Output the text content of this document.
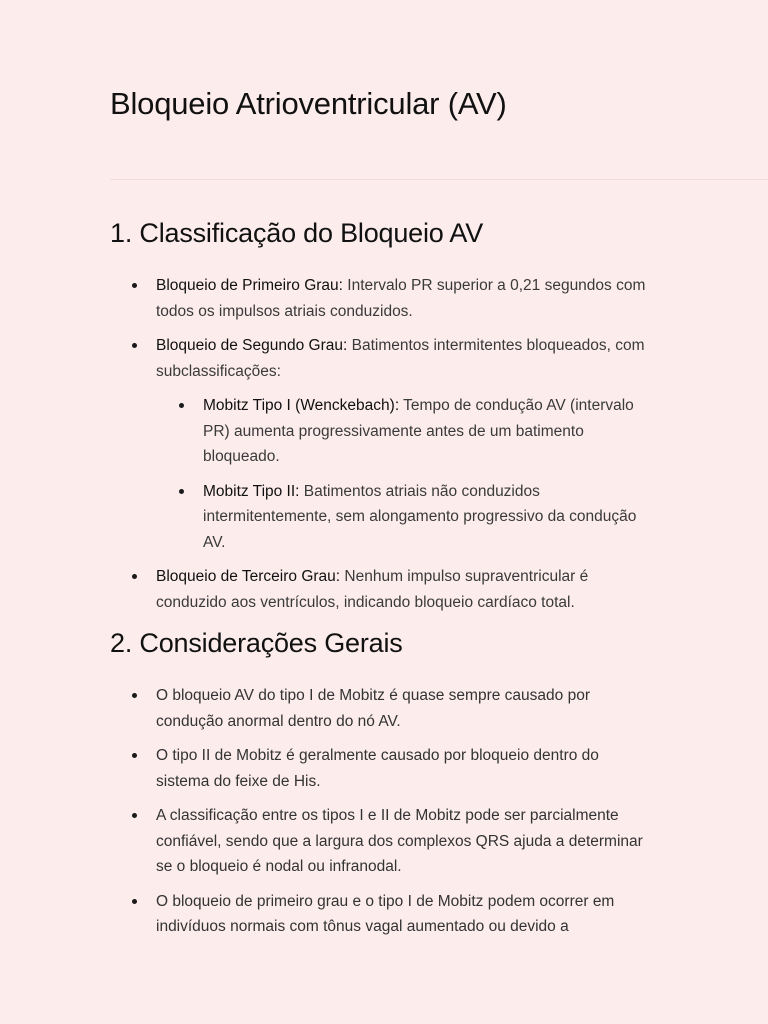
Bloqueio Atrioventricular (AV)
1. Classificação do Bloqueio AV
Bloqueio de Primeiro Grau: Intervalo PR superior a 0,21 segundos com todos os impulsos atriais conduzidos.
Bloqueio de Segundo Grau: Batimentos intermitentes bloqueados, com subclassificações:
Mobitz Tipo I (Wenckebach): Tempo de condução AV (intervalo PR) aumenta progressivamente antes de um batimento bloqueado.
Mobitz Tipo II: Batimentos atriais não conduzidos intermitentemente, sem alongamento progressivo da condução AV.
Bloqueio de Terceiro Grau: Nenhum impulso supraventricular é conduzido aos ventrículos, indicando bloqueio cardíaco total.
2. Considerações Gerais
O bloqueio AV do tipo I de Mobitz é quase sempre causado por condução anormal dentro do nó AV.
O tipo II de Mobitz é geralmente causado por bloqueio dentro do sistema do feixe de His.
A classificação entre os tipos I e II de Mobitz pode ser parcialmente confiável, sendo que a largura dos complexos QRS ajuda a determinar se o bloqueio é nodal ou infranodal.
O bloqueio de primeiro grau e o tipo I de Mobitz podem ocorrer em indivíduos normais com tônus vagal aumentado ou devido a
